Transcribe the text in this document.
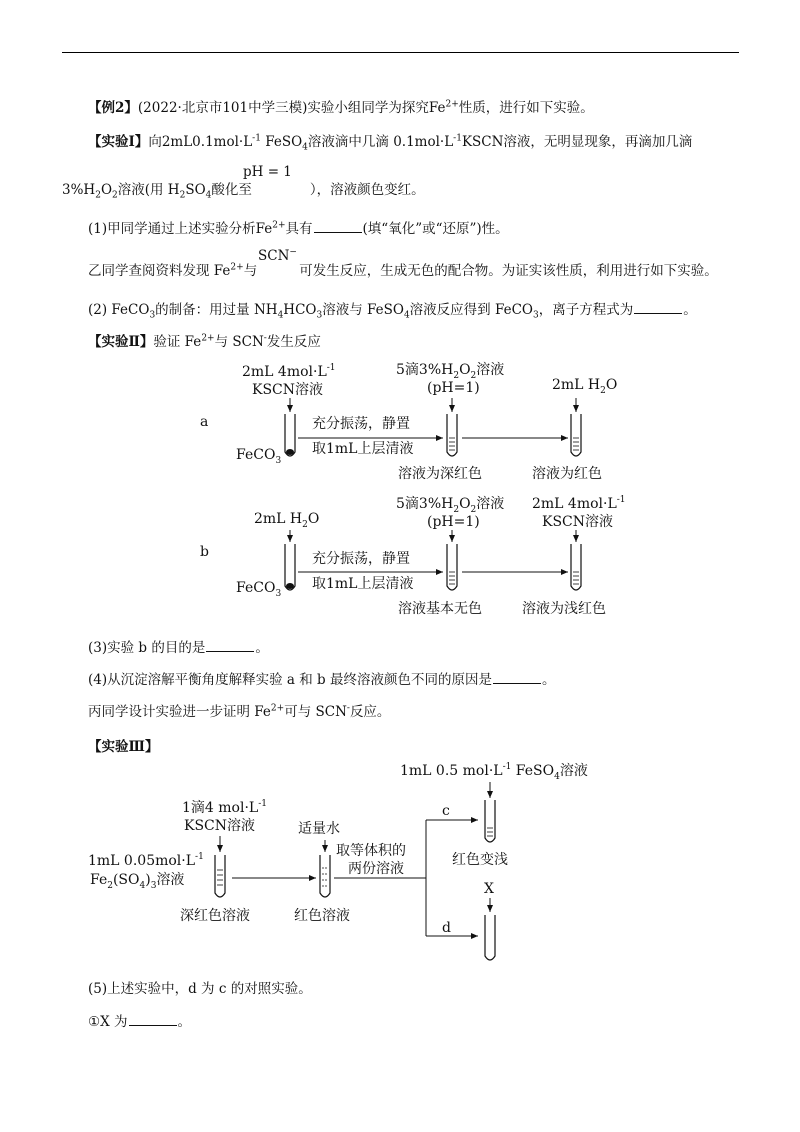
【例2】(2022·北京市101中学三模)实验小组同学为探究$Fe^{2+}$性质，进行如下实验。
【实验Ⅰ】向$2mL0.1mol\cdot L^{-1}$ FeSO$_4$溶液滴中几滴 $0.1mol\cdot L^{-1}KSCN$溶液，无明显现象，再滴加几滴
pH = 1
$3\%H_2O_2$溶液(用 $H_2SO_4$酸化至	），溶液颜色变红。
(1)甲同学通过上述实验分析$Fe^{2+}$具有	(填“氧化”或“还原”)性。
SCN−
乙同学查阅资料发现 $Fe^{2+}$与	可发生反应，生成无色的配合物。为证实该性质，利用进行如下实验。
(2) FeCO$_3$的制备：用过量 $NH_4HCO_3$溶液与 FeSO$_4$溶液反应得到 FeCO$_3$，离子方程式为	。
【实验Ⅱ】验证 $Fe^{2+}$与 SCN-发生反应
a
2mL $4mol\cdot L^{-1}$
KSCN溶液
FeCO$_3$
充分振荡，静置
取1mL上层清液
5滴$3\%H_2O_2$溶液
(pH=1)
溶液为深红色
2mL $H_2O$
溶液为红色
b
2mL $H_2O$
FeCO$_3$
充分振荡，静置
取1mL上层清液
5滴$3\%H_2O_2$溶液
(pH=1)
溶液基本无色
2mL $4mol\cdot L^{-1}$
KSCN溶液
溶液为浅红色
(3)实验 b 的目的是	。
(4)从沉淀溶解平衡角度解释实验 a 和 b 最终溶液颜色不同的原因是	。
丙同学设计实验进一步证明 $Fe^{2+}$可与 SCN-反应。
【实验Ⅲ】
1mL 0.5 $mol\cdot L^{-1}$ FeSO$_4$溶液
红色变浅
1滴4 $mol\cdot L^{-1}$
KSCN溶液
1mL $0.05mol\cdot L^{-1}$
$Fe_2(SO_4)_3$溶液
深红色溶液
适量水
红色溶液
取等体积的
两份溶液
c
d
X
(5)上述实验中，d 为 c 的对照实验。
①X 为	。
